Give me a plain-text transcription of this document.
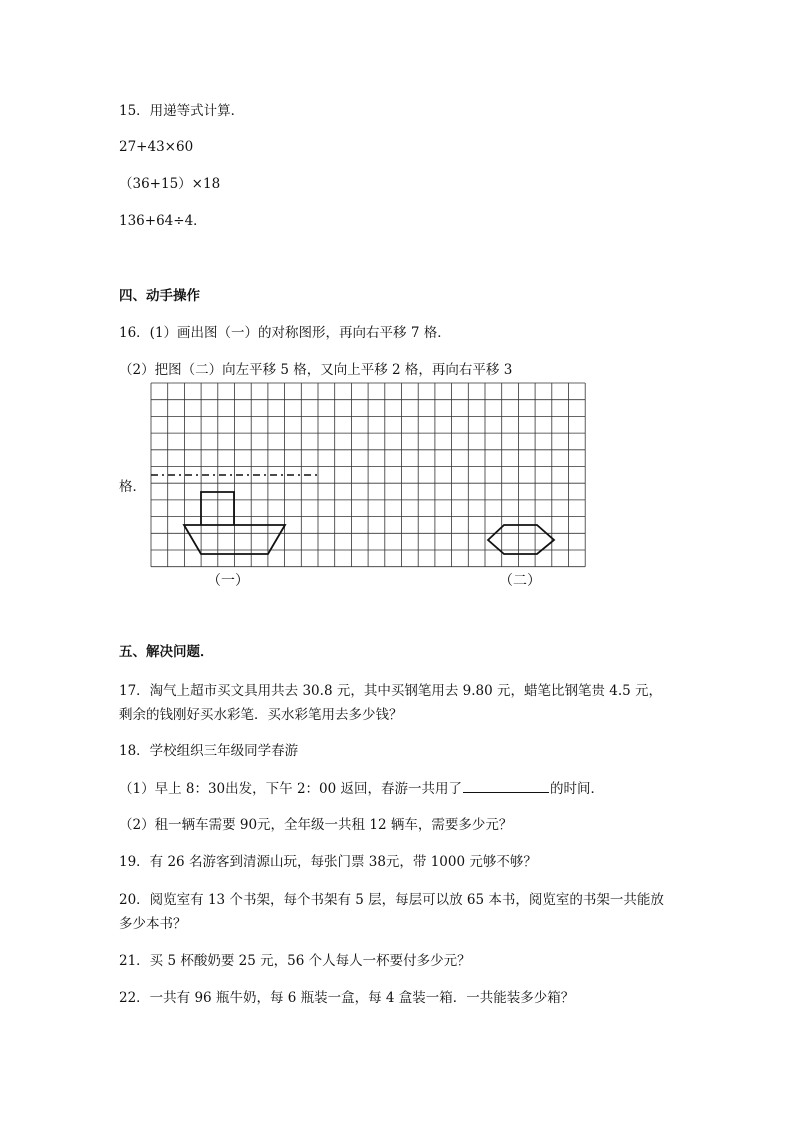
15．用递等式计算．
27+43×60
（36+15）×18
136+64÷4．
四、动手操作
16．(1）画出图（一）的对称图形，再向右平移 7 格．
（2）把图（二）向左平移 5 格，又向上平移 2 格，再向右平移 3
格．
（一）	（二）
五、解决问题．
17．淘气上超市买文具用共去 30.8 元，其中买钢笔用去 9.80 元，蜡笔比钢笔贵 4.5 元，剩余的钱刚好买水彩笔．买水彩笔用去多少钱？
18．学校组织三年级同学春游
（1）早上 8：30出发，下午 2：00 返回，春游一共用了	的时间．
（2）租一辆车需要 90元，全年级一共租 12 辆车，需要多少元？
19．有 26 名游客到清源山玩，每张门票 38元，带 1000 元够不够？
20．阅览室有 13 个书架，每个书架有 5 层，每层可以放 65 本书，阅览室的书架一共能放多少本书？
21．买 5 杯酸奶要 25 元，56 个人每人一杯要付多少元？
22．一共有 96 瓶牛奶，每 6 瓶装一盒，每 4 盒装一箱．一共能装多少箱？
